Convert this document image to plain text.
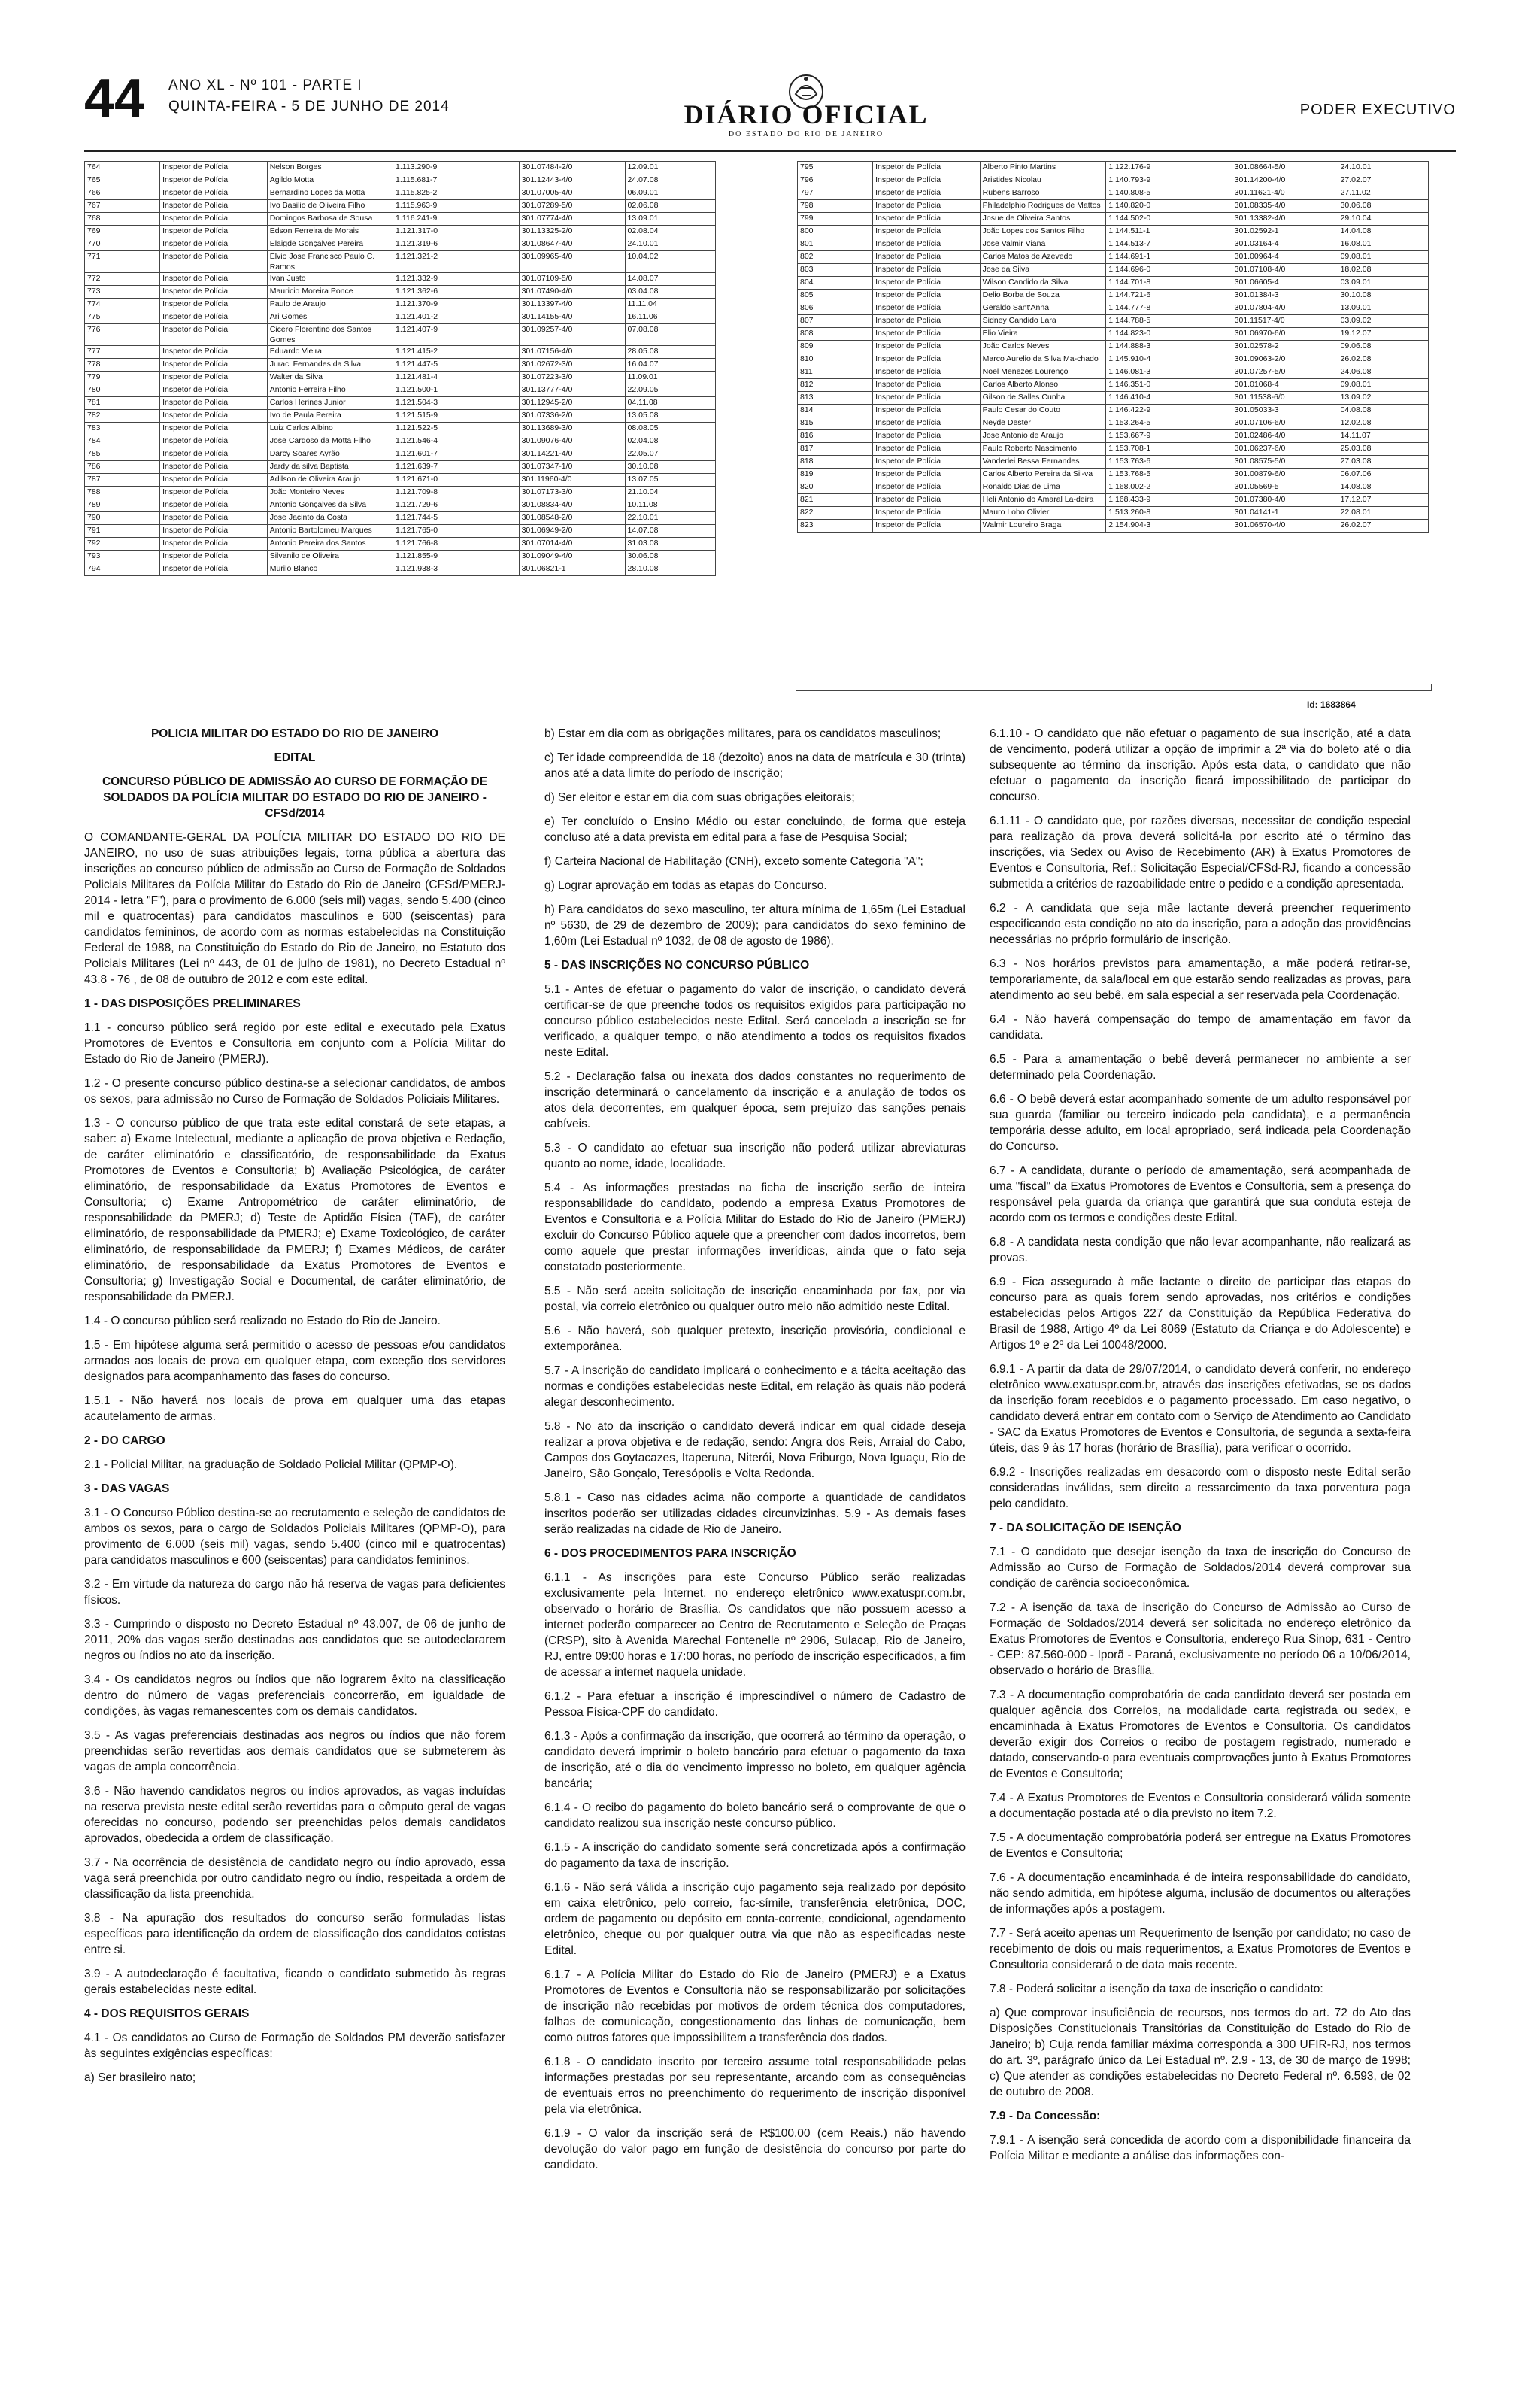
44 ANO XL - Nº 101 - PARTE I
QUINTA-FEIRA - 5 DE JUNHO DE 2014	DIÁRIO OFICIAL
DO ESTADO DO RIO DE JANEIRO
PODER EXECUTIVO
764	Inspetor de Polícia	Nelson Borges	1.113.290-9	301.07484-2/0	12.09.01
765	Inspetor de Polícia	Agildo Motta	1.115.681-7	301.12443-4/0	24.07.08
766	Inspetor de Polícia	Bernardino Lopes da Motta	1.115.825-2	301.07005-4/0	06.09.01
767	Inspetor de Polícia	Ivo Basilio de Oliveira Filho	1.115.963-9	301.07289-5/0	02.06.08
768	Inspetor de Polícia	Domingos Barbosa de Sousa	1.116.241-9	301.07774-4/0	13.09.01
769	Inspetor de Polícia	Edson Ferreira de Morais	1.121.317-0	301.13325-2/0	02.08.04
770	Inspetor de Polícia	Elaigde Gonçalves Pereira	1.121.319-6	301.08647-4/0	24.10.01
771	Inspetor de Polícia	Elvio Jose Francisco Paulo C. Ramos	1.121.321-2	301.09965-4/0	10.04.02
772	Inspetor de Polícia	Ivan Justo	1.121.332-9	301.07109-5/0	14.08.07
773	Inspetor de Polícia	Mauricio Moreira Ponce	1.121.362-6	301.07490-4/0	03.04.08
774	Inspetor de Polícia	Paulo de Araujo	1.121.370-9	301.13397-4/0	11.11.04
775	Inspetor de Polícia	Ari Gomes	1.121.401-2	301.14155-4/0	16.11.06
776	Inspetor de Polícia	Cicero Florentino dos Santos Gomes	1.121.407-9	301.09257-4/0	07.08.08
777	Inspetor de Polícia	Eduardo Vieira	1.121.415-2	301.07156-4/0	28.05.08
778	Inspetor de Polícia	Juraci Fernandes da Silva	1.121.447-5	301.02672-3/0	16.04.07
779	Inspetor de Polícia	Walter da Silva	1.121.481-4	301.07223-3/0	11.09.01
780	Inspetor de Polícia	Antonio Ferreira Filho	1.121.500-1	301.13777-4/0	22.09.05
781	Inspetor de Polícia	Carlos Herines Junior	1.121.504-3	301.12945-2/0	04.11.08
782	Inspetor de Polícia	Ivo de Paula Pereira	1.121.515-9	301.07336-2/0	13.05.08
783	Inspetor de Polícia	Luiz Carlos Albino	1.121.522-5	301.13689-3/0	08.08.05
784	Inspetor de Polícia	Jose Cardoso da Motta Filho	1.121.546-4	301.09076-4/0	02.04.08
785	Inspetor de Polícia	Darcy Soares Ayrão	1.121.601-7	301.14221-4/0	22.05.07
786	Inspetor de Polícia	Jardy da silva Baptista	1.121.639-7	301.07347-1/0	30.10.08
787	Inspetor de Polícia	Adilson de Oliveira Araujo	1.121.671-0	301.11960-4/0	13.07.05
788	Inspetor de Polícia	João Monteiro Neves	1.121.709-8	301.07173-3/0	21.10.04
789	Inspetor de Polícia	Antonio Gonçalves da Silva	1.121.729-6	301.08834-4/0	10.11.08
790	Inspetor de Polícia	Jose Jacinto da Costa	1.121.744-5	301.08548-2/0	22.10.01
791	Inspetor de Polícia	Antonio Bartolomeu Marques	1.121.765-0	301.06949-2/0	14.07.08
792	Inspetor de Polícia	Antonio Pereira dos Santos	1.121.766-8	301.07014-4/0	31.03.08
793	Inspetor de Polícia	Silvanilo de Oliveira	1.121.855-9	301.09049-4/0	30.06.08
794	Inspetor de Polícia	Murilo Blanco	1.121.938-3	301.06821-1	28.10.08
795	Inspetor de Polícia	Alberto Pinto Martins	1.122.176-9	301.08664-5/0	24.10.01
796	Inspetor de Polícia	Aristides Nicolau	1.140.793-9	301.14200-4/0	27.02.07
797	Inspetor de Polícia	Rubens Barroso	1.140.808-5	301.11621-4/0	27.11.02
798	Inspetor de Polícia	Philadelphio Rodrigues de Mattos	1.140.820-0	301.08335-4/0	30.06.08
799	Inspetor de Polícia	Josue de Oliveira Santos	1.144.502-0	301.13382-4/0	29.10.04
800	Inspetor de Polícia	João Lopes dos Santos Filho	1.144.511-1	301.02592-1	14.04.08
801	Inspetor de Polícia	Jose Valmir Viana	1.144.513-7	301.03164-4	16.08.01
802	Inspetor de Polícia	Carlos Matos de Azevedo	1.144.691-1	301.00964-4	09.08.01
803	Inspetor de Polícia	Jose da Silva	1.144.696-0	301.07108-4/0	18.02.08
804	Inspetor de Polícia	Wilson Candido da Silva	1.144.701-8	301.06605-4	03.09.01
805	Inspetor de Polícia	Delio Borba de Souza	1.144.721-6	301.01384-3	30.10.08
806	Inspetor de Polícia	Geraldo Sant'Anna	1.144.777-8	301.07804-4/0	13.09.01
807	Inspetor de Polícia	Sidney Candido Lara	1.144.788-5	301.11517-4/0	03.09.02
808	Inspetor de Polícia	Elio Vieira	1.144.823-0	301.06970-6/0	19.12.07
809	Inspetor de Polícia	João Carlos Neves	1.144.888-3	301.02578-2	09.06.08
810	Inspetor de Polícia	Marco Aurelio da Silva Ma-chado	1.145.910-4	301.09063-2/0	26.02.08
811	Inspetor de Polícia	Noel Menezes Lourenço	1.146.081-3	301.07257-5/0	24.06.08
812	Inspetor de Polícia	Carlos Alberto Alonso	1.146.351-0	301.01068-4	09.08.01
813	Inspetor de Polícia	Gilson de Salles Cunha	1.146.410-4	301.11538-6/0	13.09.02
814	Inspetor de Polícia	Paulo Cesar do Couto	1.146.422-9	301.05033-3	04.08.08
815	Inspetor de Polícia	Neyde Dester	1.153.264-5	301.07106-6/0	12.02.08
816	Inspetor de Polícia	Jose Antonio de Araujo	1.153.667-9	301.02486-4/0	14.11.07
817	Inspetor de Polícia	Paulo Roberto Nascimento	1.153.708-1	301.06237-6/0	25.03.08
818	Inspetor de Polícia	Vanderlei Bessa Fernandes	1.153.763-6	301.08575-5/0	27.03.08
819	Inspetor de Polícia	Carlos Alberto Pereira da Sil-va	1.153.768-5	301.00879-6/0	06.07.06
820	Inspetor de Polícia	Ronaldo Dias de Lima	1.168.002-2	301.05569-5	14.08.08
821	Inspetor de Polícia	Heli Antonio do Amaral La-deira	1.168.433-9	301.07380-4/0	17.12.07
822	Inspetor de Polícia	Mauro Lobo Olivieri	1.513.260-8	301.04141-1	22.08.01
823	Inspetor de Polícia	Walmir Loureiro Braga	2.154.904-3	301.06570-4/0	26.02.07
Id: 1683864

POLICIA MILITAR DO ESTADO DO RIO DE JANEIRO

EDITAL

CONCURSO PÚBLICO DE ADMISSÃO AO CURSO DE FORMAÇÃO DE SOLDADOS DA POLÍCIA MILITAR DO ESTADO DO RIO DE JANEIRO - CFSd/2014

O COMANDANTE-GERAL DA POLÍCIA MILITAR DO ESTADO DO RIO DE JANEIRO, no uso de suas atribuições legais, torna pública a abertura das inscrições ao concurso público de admissão ao Curso de Formação de Soldados Policiais Militares da Polícia Militar do Estado do Rio de Janeiro (CFSd/PMERJ-2014 - letra "F"), para o provimento de 6.000 (seis mil) vagas, sendo 5.400 (cinco mil e quatrocentas) para candidatos masculinos e 600 (seiscentas) para candidatos femininos, de acordo com as normas estabelecidas na Constituição Federal de 1988, na Constituição do Estado do Rio de Janeiro, no Estatuto dos Policiais Militares (Lei nº 443, de 01 de julho de 1981), no Decreto Estadual nº 43.8 - 76 , de 08 de outubro de 2012 e com este edital.

1 - DAS DISPOSIÇÕES PRELIMINARES

1.1 - concurso público será regido por este edital e executado pela Exatus Promotores de Eventos e Consultoria em conjunto com a Polícia Militar do Estado do Rio de Janeiro (PMERJ).

1.2 - O presente concurso público destina-se a selecionar candidatos, de ambos os sexos, para admissão no Curso de Formação de Soldados Policiais Militares.

1.3 - O concurso público de que trata este edital constará de sete etapas, a saber: a) Exame Intelectual, mediante a aplicação de prova objetiva e Redação, de caráter eliminatório e classificatório, de responsabilidade da Exatus Promotores de Eventos e Consultoria; b) Avaliação Psicológica, de caráter eliminatório, de responsabilidade da Exatus Promotores de Eventos e Consultoria; c) Exame Antropométrico de caráter eliminatório, de responsabilidade da PMERJ; d) Teste de Aptidão Física (TAF), de caráter eliminatório, de responsabilidade da PMERJ; e) Exame Toxicológico, de caráter eliminatório, de responsabilidade da PMERJ; f) Exames Médicos, de caráter eliminatório, de responsabilidade da Exatus Promotores de Eventos e Consultoria; g) Investigação Social e Documental, de caráter eliminatório, de responsabilidade da PMERJ.

1.4 - O concurso público será realizado no Estado do Rio de Janeiro.

1.5 - Em hipótese alguma será permitido o acesso de pessoas e/ou candidatos armados aos locais de prova em qualquer etapa, com exceção dos servidores designados para acompanhamento das fases do concurso.

1.5.1 - Não haverá nos locais de prova em qualquer uma das etapas acautelamento de armas.

2 - DO CARGO

2.1 - Policial Militar, na graduação de Soldado Policial Militar (QPMP-O).

3 - DAS VAGAS

3.1 - O Concurso Público destina-se ao recrutamento e seleção de candidatos de ambos os sexos, para o cargo de Soldados Policiais Militares (QPMP-O), para provimento de 6.000 (seis mil) vagas, sendo 5.400 (cinco mil e quatrocentas) para candidatos masculinos e 600 (seiscentas) para candidatos femininos.

3.2 - Em virtude da natureza do cargo não há reserva de vagas para deficientes físicos.

3.3 - Cumprindo o disposto no Decreto Estadual nº 43.007, de 06 de junho de 2011, 20% das vagas serão destinadas aos candidatos que se autodeclararem negros ou índios no ato da inscrição.

3.4 - Os candidatos negros ou índios que não lograrem êxito na classificação dentro do número de vagas preferenciais concorrerão, em igualdade de condições, às vagas remanescentes com os demais candidatos.

3.5 - As vagas preferenciais destinadas aos negros ou índios que não forem preenchidas serão revertidas aos demais candidatos que se submeterem às vagas de ampla concorrência.

3.6 - Não havendo candidatos negros ou índios aprovados, as vagas incluídas na reserva prevista neste edital serão revertidas para o cômputo geral de vagas oferecidas no concurso, podendo ser preenchidas pelos demais candidatos aprovados, obedecida a ordem de classificação.

3.7 - Na ocorrência de desistência de candidato negro ou índio aprovado, essa vaga será preenchida por outro candidato negro ou índio, respeitada a ordem de classificação da lista preenchida.

3.8 - Na apuração dos resultados do concurso serão formuladas listas específicas para identificação da ordem de classificação dos candidatos cotistas entre si.

3.9 - A autodeclaração é facultativa, ficando o candidato submetido às regras gerais estabelecidas neste edital.

4 - DOS REQUISITOS GERAIS

4.1 - Os candidatos ao Curso de Formação de Soldados PM deverão satisfazer às seguintes exigências específicas:

a) Ser brasileiro nato;

b) Estar em dia com as obrigações militares, para os candidatos masculinos;

c) Ter idade compreendida de 18 (dezoito) anos na data de matrícula e 30 (trinta) anos até a data limite do período de inscrição;

d) Ser eleitor e estar em dia com suas obrigações eleitorais;

e) Ter concluído o Ensino Médio ou estar concluindo, de forma que esteja concluso até a data prevista em edital para a fase de Pesquisa Social;

f) Carteira Nacional de Habilitação (CNH), exceto somente Categoria "A";

g) Lograr aprovação em todas as etapas do Concurso.

h) Para candidatos do sexo masculino, ter altura mínima de 1,65m (Lei Estadual nº 5630, de 29 de dezembro de 2009); para candidatos do sexo feminino de 1,60m (Lei Estadual nº 1032, de 08 de agosto de 1986).

5 - DAS INSCRIÇÕES NO CONCURSO PÚBLICO

5.1 - Antes de efetuar o pagamento do valor de inscrição, o candidato deverá certificar-se de que preenche todos os requisitos exigidos para participação no concurso público estabelecidos neste Edital. Será cancelada a inscrição se for verificado, a qualquer tempo, o não atendimento a todos os requisitos fixados neste Edital.

5.2 - Declaração falsa ou inexata dos dados constantes no requerimento de inscrição determinará o cancelamento da inscrição e a anulação de todos os atos dela decorrentes, em qualquer época, sem prejuízo das sanções penais cabíveis.

5.3 - O candidato ao efetuar sua inscrição não poderá utilizar abreviaturas quanto ao nome, idade, localidade.

5.4 - As informações prestadas na ficha de inscrição serão de inteira responsabilidade do candidato, podendo a empresa Exatus Promotores de Eventos e Consultoria e a Polícia Militar do Estado do Rio de Janeiro (PMERJ) excluir do Concurso Público aquele que a preencher com dados incorretos, bem como aquele que prestar informações inverídicas, ainda que o fato seja constatado posteriormente.

5.5 - Não será aceita solicitação de inscrição encaminhada por fax, por via postal, via correio eletrônico ou qualquer outro meio não admitido neste Edital.

5.6 - Não haverá, sob qualquer pretexto, inscrição provisória, condicional e extemporânea.

5.7 - A inscrição do candidato implicará o conhecimento e a tácita aceitação das normas e condições estabelecidas neste Edital, em relação às quais não poderá alegar desconhecimento.

5.8 - No ato da inscrição o candidato deverá indicar em qual cidade deseja realizar a prova objetiva e de redação, sendo: Angra dos Reis, Arraial do Cabo, Campos dos Goytacazes, Itaperuna, Niterói, Nova Friburgo, Nova Iguaçu, Rio de Janeiro, São Gonçalo, Teresópolis e Volta Redonda.

5.8.1 - Caso nas cidades acima não comporte a quantidade de candidatos inscritos poderão ser utilizadas cidades circunvizinhas. 5.9 - As demais fases serão realizadas na cidade de Rio de Janeiro.

6 - DOS PROCEDIMENTOS PARA INSCRIÇÃO

6.1.1 - As inscrições para este Concurso Público serão realizadas exclusivamente pela Internet, no endereço eletrônico www.exatuspr.com.br, observado o horário de Brasília. Os candidatos que não possuem acesso a internet poderão comparecer ao Centro de Recrutamento e Seleção de Praças (CRSP), sito à Avenida Marechal Fontenelle nº 2906, Sulacap, Rio de Janeiro, RJ, entre 09:00 horas e 17:00 horas, no período de inscrição especificados, a fim de acessar a internet naquela unidade.

6.1.2 - Para efetuar a inscrição é imprescindível o número de Cadastro de Pessoa Física-CPF do candidato.

6.1.3 - Após a confirmação da inscrição, que ocorrerá ao término da operação, o candidato deverá imprimir o boleto bancário para efetuar o pagamento da taxa de inscrição, até o dia do vencimento impresso no boleto, em qualquer agência bancária;

6.1.4 - O recibo do pagamento do boleto bancário será o comprovante de que o candidato realizou sua inscrição neste concurso público.

6.1.5 - A inscrição do candidato somente será concretizada após a confirmação do pagamento da taxa de inscrição.

6.1.6 - Não será válida a inscrição cujo pagamento seja realizado por depósito em caixa eletrônico, pelo correio, fac-símile, transferência eletrônica, DOC, ordem de pagamento ou depósito em conta-corrente, condicional, agendamento eletrônico, cheque ou por qualquer outra via que não as especificadas neste Edital.

6.1.7 - A Polícia Militar do Estado do Rio de Janeiro (PMERJ) e a Exatus Promotores de Eventos e Consultoria não se responsabilizarão por solicitações de inscrição não recebidas por motivos de ordem técnica dos computadores, falhas de comunicação, congestionamento das linhas de comunicação, bem como outros fatores que impossibilitem a transferência dos dados.

6.1.8 - O candidato inscrito por terceiro assume total responsabilidade pelas informações prestadas por seu representante, arcando com as consequências de eventuais erros no preenchimento do requerimento de inscrição disponível pela via eletrônica.

6.1.9 - O valor da inscrição será de R$100,00 (cem Reais.) não havendo devolução do valor pago em função de desistência do concurso por parte do candidato.

6.1.10 - O candidato que não efetuar o pagamento de sua inscrição, até a data de vencimento, poderá utilizar a opção de imprimir a 2ª via do boleto até o dia subsequente ao término da inscrição. Após esta data, o candidato que não efetuar o pagamento da inscrição ficará impossibilitado de participar do concurso.

6.1.11 - O candidato que, por razões diversas, necessitar de condição especial para realização da prova deverá solicitá-la por escrito até o término das inscrições, via Sedex ou Aviso de Recebimento (AR) à Exatus Promotores de Eventos e Consultoria, Ref.: Solicitação Especial/CFSd-RJ, ficando a concessão submetida a critérios de razoabilidade entre o pedido e a condição apresentada.

6.2 - A candidata que seja mãe lactante deverá preencher requerimento especificando esta condição no ato da inscrição, para a adoção das providências necessárias no próprio formulário de inscrição.

6.3 - Nos horários previstos para amamentação, a mãe poderá retirar-se, temporariamente, da sala/local em que estarão sendo realizadas as provas, para atendimento ao seu bebê, em sala especial a ser reservada pela Coordenação.

6.4 - Não haverá compensação do tempo de amamentação em favor da candidata.

6.5 - Para a amamentação o bebê deverá permanecer no ambiente a ser determinado pela Coordenação.

6.6 - O bebê deverá estar acompanhado somente de um adulto responsável por sua guarda (familiar ou terceiro indicado pela candidata), e a permanência temporária desse adulto, em local apropriado, será indicada pela Coordenação do Concurso.

6.7 - A candidata, durante o período de amamentação, será acompanhada de uma "fiscal" da Exatus Promotores de Eventos e Consultoria, sem a presença do responsável pela guarda da criança que garantirá que sua conduta esteja de acordo com os termos e condições deste Edital.

6.8 - A candidata nesta condição que não levar acompanhante, não realizará as provas.

6.9 - Fica assegurado à mãe lactante o direito de participar das etapas do concurso para as quais forem sendo aprovadas, nos critérios e condições estabelecidas pelos Artigos 227 da Constituição da República Federativa do Brasil de 1988, Artigo 4º da Lei 8069 (Estatuto da Criança e do Adolescente) e Artigos 1º e 2º da Lei 10048/2000.

6.9.1 - A partir da data de 29/07/2014, o candidato deverá conferir, no endereço eletrônico www.exatuspr.com.br, através das inscrições efetivadas, se os dados da inscrição foram recebidos e o pagamento processado. Em caso negativo, o candidato deverá entrar em contato com o Serviço de Atendimento ao Candidato - SAC da Exatus Promotores de Eventos e Consultoria, de segunda a sexta-feira úteis, das 9 às 17 horas (horário de Brasília), para verificar o ocorrido.

6.9.2 - Inscrições realizadas em desacordo com o disposto neste Edital serão consideradas inválidas, sem direito a ressarcimento da taxa porventura paga pelo candidato.

7 - DA SOLICITAÇÃO DE ISENÇÃO

7.1 - O candidato que desejar isenção da taxa de inscrição do Concurso de Admissão ao Curso de Formação de Soldados/2014 deverá comprovar sua condição de carência socioeconômica.

7.2 - A isenção da taxa de inscrição do Concurso de Admissão ao Curso de Formação de Soldados/2014 deverá ser solicitada no endereço eletrônico da Exatus Promotores de Eventos e Consultoria, endereço Rua Sinop, 631 - Centro - CEP: 87.560-000 - Iporã - Paraná, exclusivamente no período 06 a 10/06/2014, observado o horário de Brasília.

7.3 - A documentação comprobatória de cada candidato deverá ser postada em qualquer agência dos Correios, na modalidade carta registrada ou sedex, e encaminhada à Exatus Promotores de Eventos e Consultoria. Os candidatos deverão exigir dos Correios o recibo de postagem registrado, numerado e datado, conservando-o para eventuais comprovações junto à Exatus Promotores de Eventos e Consultoria;

7.4 - A Exatus Promotores de Eventos e Consultoria considerará válida somente a documentação postada até o dia previsto no item 7.2.

7.5 - A documentação comprobatória poderá ser entregue na Exatus Promotores de Eventos e Consultoria;

7.6 - A documentação encaminhada é de inteira responsabilidade do candidato, não sendo admitida, em hipótese alguma, inclusão de documentos ou alterações de informações após a postagem.

7.7 - Será aceito apenas um Requerimento de Isenção por candidato; no caso de recebimento de dois ou mais requerimentos, a Exatus Promotores de Eventos e Consultoria considerará o de data mais recente.

7.8 - Poderá solicitar a isenção da taxa de inscrição o candidato:

a) Que comprovar insuficiência de recursos, nos termos do art. 72 do Ato das Disposições Constitucionais Transitórias da Constituição do Estado do Rio de Janeiro; b) Cuja renda familiar máxima corresponda a 300 UFIR-RJ, nos termos do art. 3º, parágrafo único da Lei Estadual nº. 2.9 - 13, de 30 de março de 1998; c) Que atender as condições estabelecidas no Decreto Federal nº. 6.593, de 02 de outubro de 2008.

7.9 - Da Concessão:

7.9.1 - A isenção será concedida de acordo com a disponibilidade financeira da Polícia Militar e mediante a análise das informações con-
